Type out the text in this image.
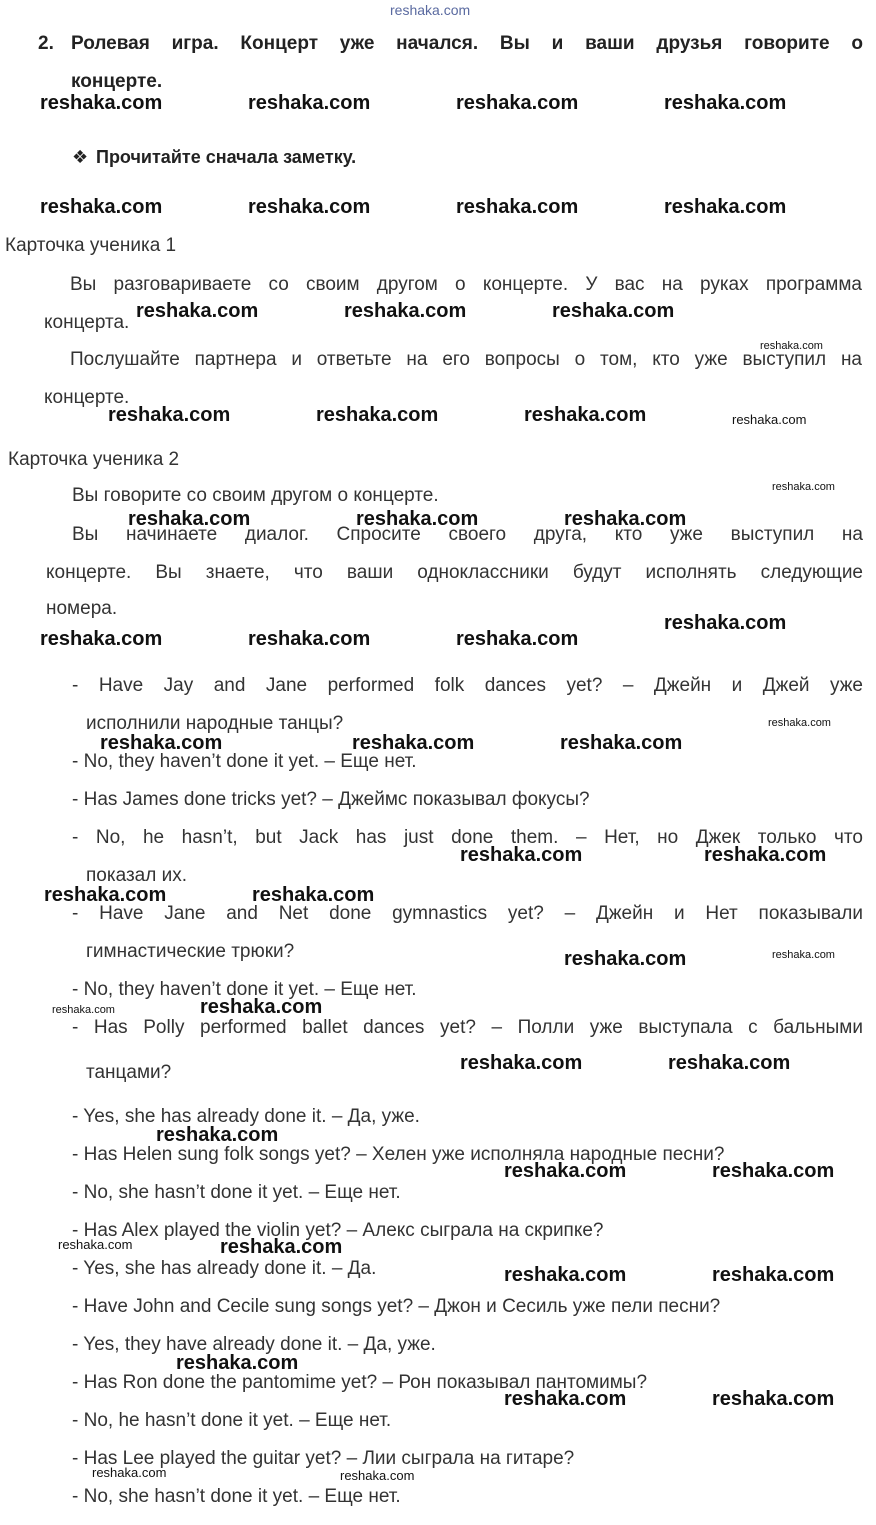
reshaka.com
2. Ролевая игра. Концерт уже начался. Вы и ваши друзья говорите о
концерте.
❖ Прочитайте сначала заметку.
Карточка ученика 1
Вы разговариваете со своим другом о концерте. У вас на руках программа
концерта.
Послушайте партнера и ответьте на его вопросы о том, кто уже выступил на
концерте.
Карточка ученика 2
Вы говорите со своим другом о концерте.
Вы начинаете диалог. Спросите своего друга, кто уже выступил на
концерте. Вы знаете, что ваши одноклассники будут исполнять следующие
номера.
- Have Jay and Jane performed folk dances yet? – Джейн и Джей уже
исполнили народные танцы?
- No, they haven’t done it yet. – Еще нет.
- Has James done tricks yet? – Джеймс показывал фокусы?
- No, he hasn’t, but Jack has just done them. – Нет, но Джек только что
показал их.
- Have Jane and Net done gymnastics yet? – Джейн и Нет показывали
гимнастические трюки?
- No, they haven’t done it yet. – Еще нет.
- Has Polly performed ballet dances yet? – Полли уже выступала с бальными
танцами?
- Yes, she has already done it. – Да, уже.
- Has Helen sung folk songs yet? – Хелен уже исполняла народные песни?
- No, she hasn’t done it yet. – Еще нет.
- Has Alex played the violin yet? – Алекс сыграла на скрипке?
- Yes, she has already done it. – Да.
- Have John and Cecile sung songs yet? – Джон и Сесиль уже пели песни?
- Yes, they have already done it. – Да, уже.
- Has Ron done the pantomime yet? – Рон показывал пантомимы?
- No, he hasn’t done it yet. – Еще нет.
- Has Lee played the guitar yet? – Лии сыграла на гитаре?
- No, she hasn’t done it yet. – Еще нет.
reshaka.com	reshaka.com	reshaka.com	reshaka.com
reshaka.com	reshaka.com	reshaka.com	reshaka.com
reshaka.com	reshaka.com	reshaka.com
reshaka.com	reshaka.com	reshaka.com
reshaka.com	reshaka.com	reshaka.com
reshaka.com	reshaka.com	reshaka.com
reshaka.com
reshaka.com	reshaka.com	reshaka.com
reshaka.com	reshaka.com
reshaka.com	reshaka.com
reshaka.com
reshaka.com
reshaka.com	reshaka.com
reshaka.com
reshaka.com	reshaka.com
reshaka.com
reshaka.com	reshaka.com
reshaka.com
reshaka.com	reshaka.com
reshaka.com
reshaka.com
reshaka.com
reshaka.com
reshaka.com
reshaka.com
reshaka.com
reshaka.com	reshaka.com
